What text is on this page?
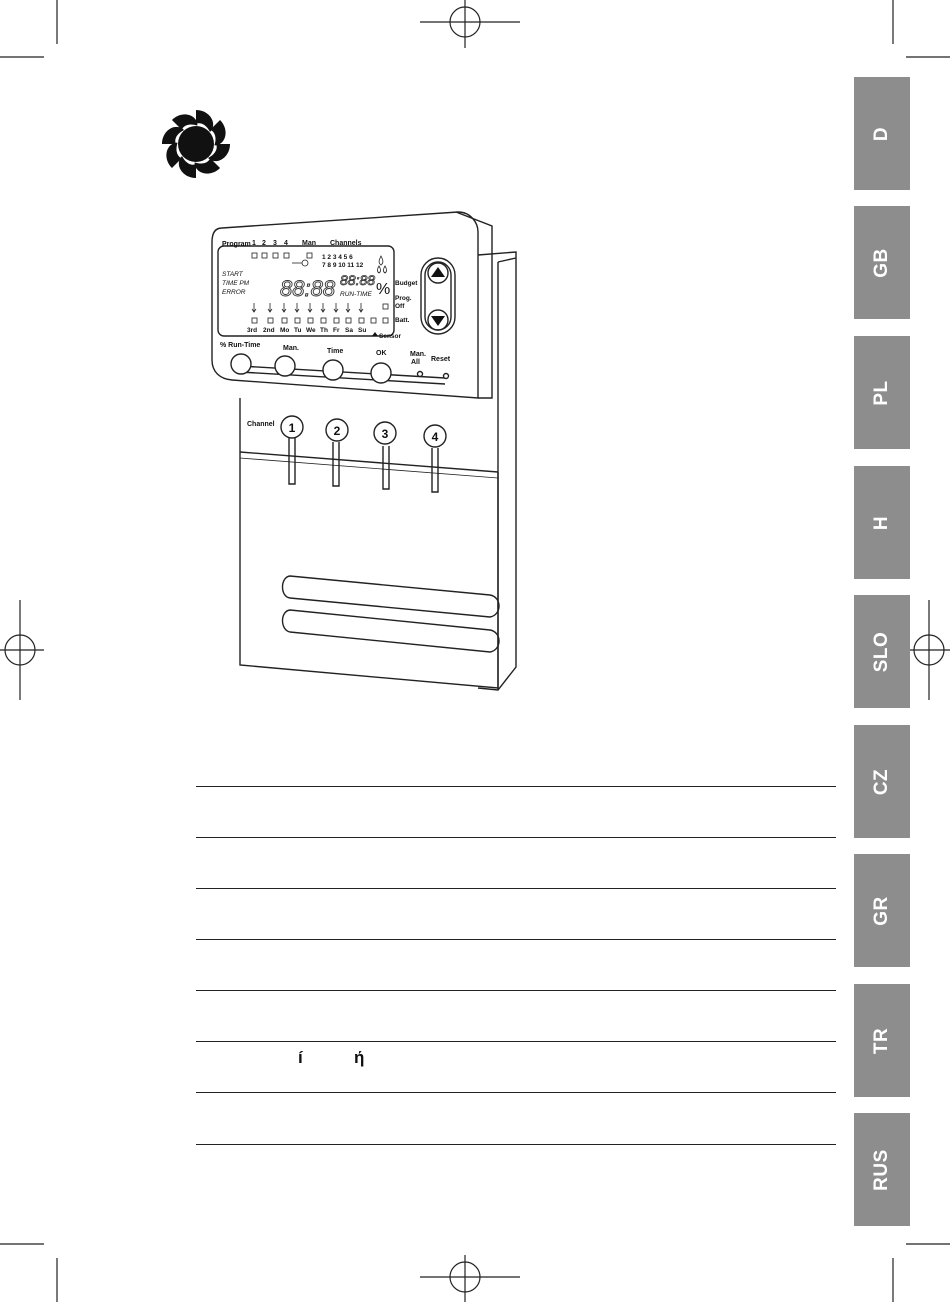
Program 1 2 3 4 Man Channels
1 2 3 4 5 6
7 8 9 10 11 12
START
TIME PM
ERROR	RUN-TIME
88:88 88:88
%
3rd 2nd Mo Tu We Th Fr Sa Su
Sensor
Budget
Prog.
Off
Batt.
% Run-Time	Man.	Time	OK	Man.
All Reset
Channel 1	2	3	4
í	ή
D
GB
PL
H
SLO
CZ
GR
TR
RUS
